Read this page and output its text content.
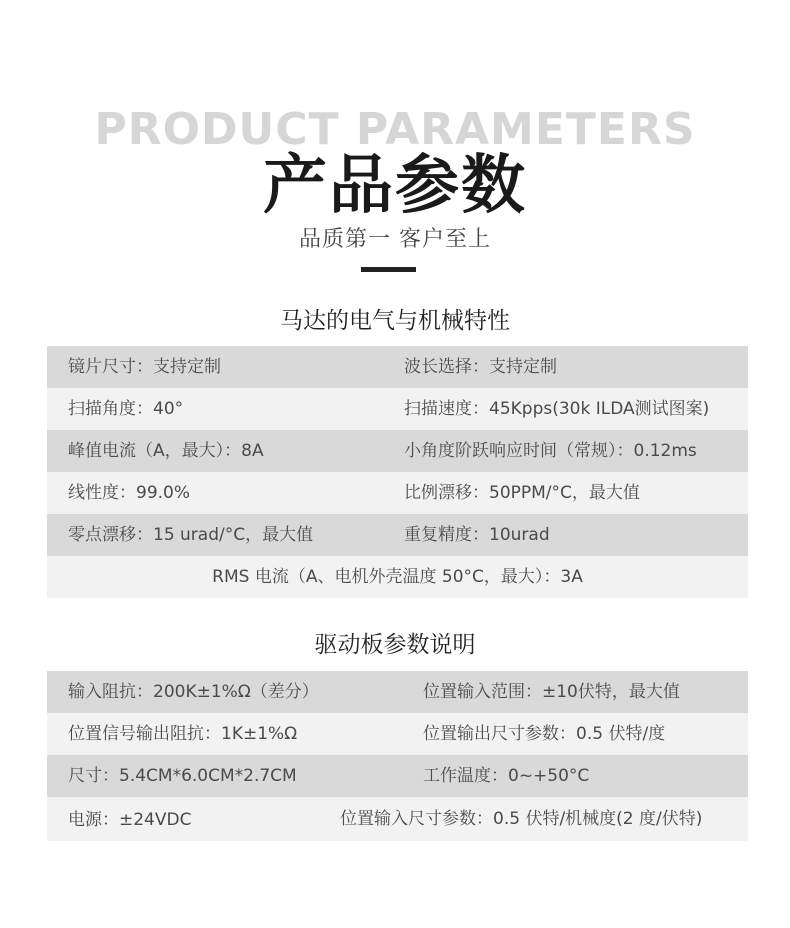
PRODUCT PARAMETERS
产品参数
品质第一 客户至上
马达的电气与机械特性
镜片尺寸：支持定制	波长选择：支持定制
扫描角度：40°	扫描速度：45Kpps(30k ILDA测试图案)
峰值电流（A，最大）：8A	小角度阶跃响应时间（常规）：0.12ms
线性度：99.0%	比例漂移：50PPM/°C，最大值
零点漂移：15 urad/°C，最大值	重复精度：10urad
RMS 电流（A、电机外壳温度 50°C，最大）：3A
驱动板参数说明
输入阻抗：200K±1%Ω（差分）	位置输入范围：±10伏特，最大值
位置信号输出阻抗：1K±1%Ω	位置输出尺寸参数：0.5 伏特/度
尺寸：5.4CM*6.0CM*2.7CM	工作温度：0~+50°C
电源：±24VDC	位置输入尺寸参数：0.5 伏特/机械度(2 度/伏特)
